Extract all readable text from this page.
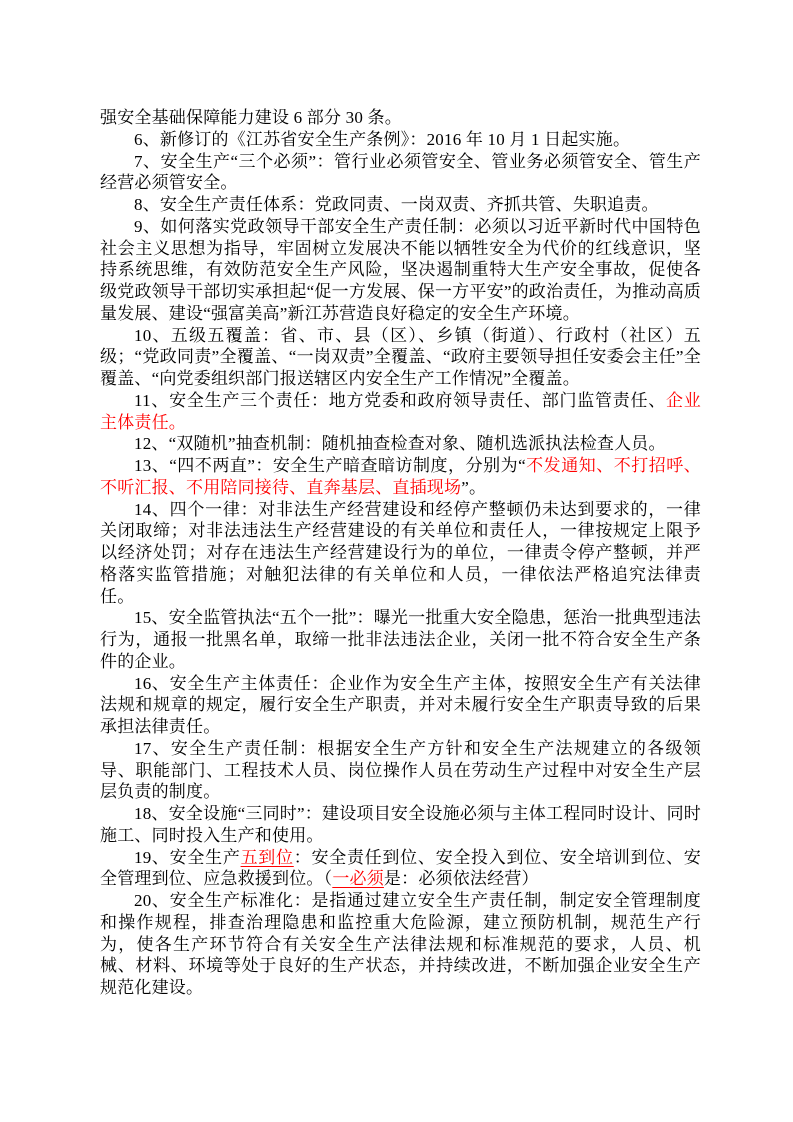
强安全基础保障能力建设 6 部分 30 条。

6、新修订的《江苏省安全生产条例》：2016 年 10 月 1 日起实施。

7、安全生产“三个必须”：管行业必须管安全、管业务必须管安全、管生产经营必须管安全。

8、安全生产责任体系：党政同责、一岗双责、齐抓共管、失职追责。

9、如何落实党政领导干部安全生产责任制：必须以习近平新时代中国特色社会主义思想为指导，牢固树立发展决不能以牺牲安全为代价的红线意识，坚持系统思维，有效防范安全生产风险，坚决遏制重特大生产安全事故，促使各级党政领导干部切实承担起“促一方发展、保一方平安”的政治责任，为推动高质量发展、建设“强富美高”新江苏营造良好稳定的安全生产环境。

10、五级五覆盖：省、市、县（区）、乡镇（街道）、行政村（社区）五级；“党政同责”全覆盖、“一岗双责”全覆盖、“政府主要领导担任安委会主任”全覆盖、“向党委组织部门报送辖区内安全生产工作情况”全覆盖。

11、安全生产三个责任：地方党委和政府领导责任、部门监管责任、企业主体责任。

12、“双随机”抽查机制：随机抽查检查对象、随机选派执法检查人员。

13、“四不两直”：安全生产暗查暗访制度，分别为“不发通知、不打招呼、不听汇报、不用陪同接待、直奔基层、直插现场”。

14、四个一律：对非法生产经营建设和经停产整顿仍未达到要求的，一律关闭取缔；对非法违法生产经营建设的有关单位和责任人，一律按规定上限予以经济处罚；对存在违法生产经营建设行为的单位，一律责令停产整顿，并严格落实监管措施；对触犯法律的有关单位和人员，一律依法严格追究法律责任。

15、安全监管执法“五个一批”：曝光一批重大安全隐患，惩治一批典型违法行为，通报一批黑名单，取缔一批非法违法企业，关闭一批不符合安全生产条件的企业。

16、安全生产主体责任：企业作为安全生产主体，按照安全生产有关法律法规和规章的规定，履行安全生产职责，并对未履行安全生产职责导致的后果承担法律责任。

17、安全生产责任制：根据安全生产方针和安全生产法规建立的各级领导、职能部门、工程技术人员、岗位操作人员在劳动生产过程中对安全生产层层负责的制度。

18、安全设施“三同时”：建设项目安全设施必须与主体工程同时设计、同时施工、同时投入生产和使用。

19、安全生产五到位：安全责任到位、安全投入到位、安全培训到位、安全管理到位、应急救援到位。（一必须是：必须依法经营）

20、安全生产标准化：是指通过建立安全生产责任制，制定安全管理制度和操作规程，排查治理隐患和监控重大危险源，建立预防机制，规范生产行为，使各生产环节符合有关安全生产法律法规和标准规范的要求，人员、机械、材料、环境等处于良好的生产状态，并持续改进，不断加强企业安全生产规范化建设。
